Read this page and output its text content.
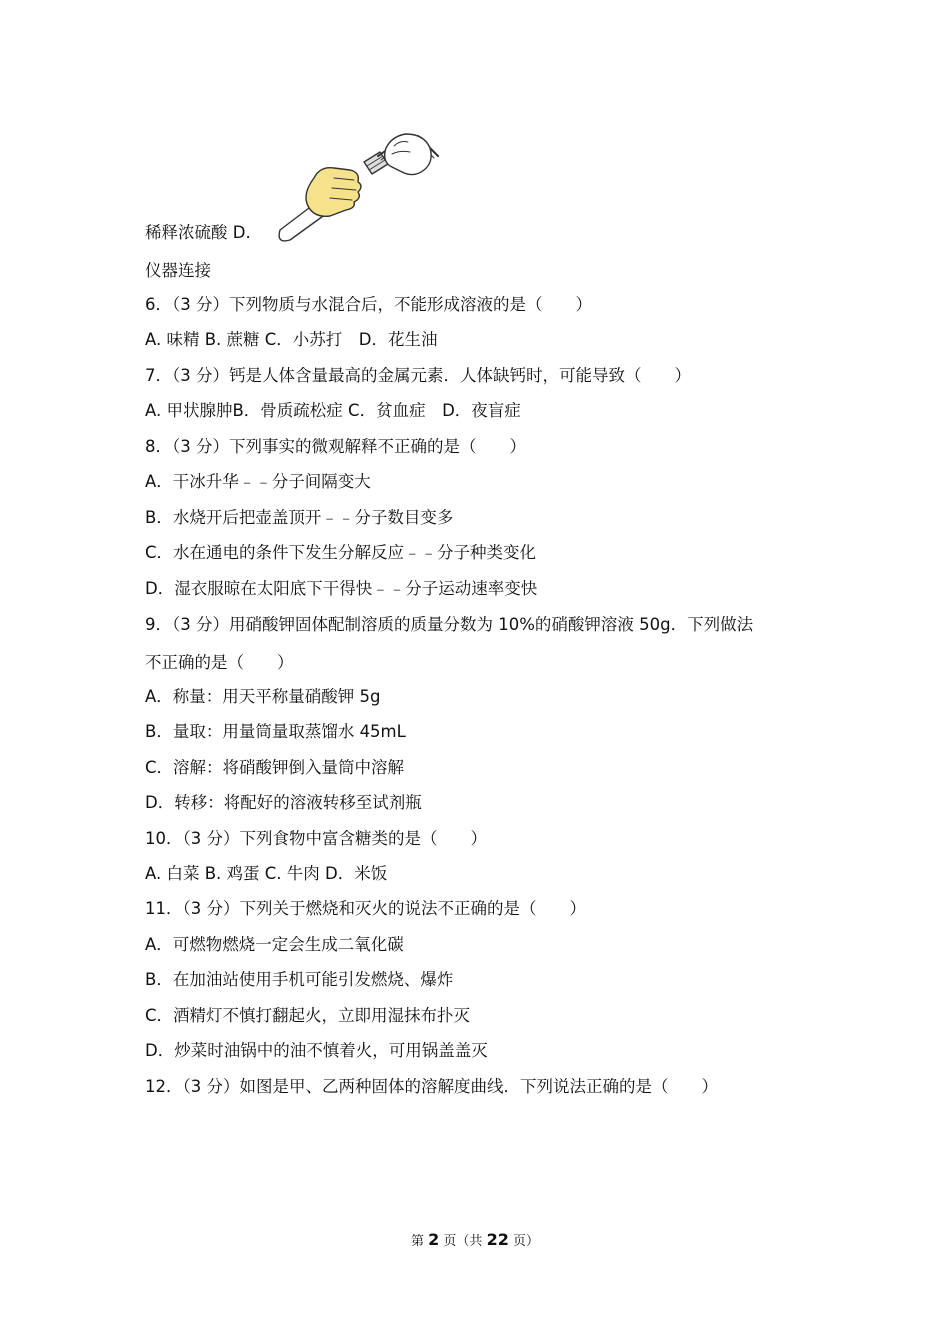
稀释浓硫酸 D.
仪器连接
6．（3 分）下列物质与水混合后，不能形成溶液的是（　　）
A. 味精 B. 蔗糖 C．小苏打　D．花生油
7．（3 分）钙是人体含量最高的金属元素．人体缺钙时，可能导致（　　）
A. 甲状腺肿B．骨质疏松症 C．贫血症　D．夜盲症
8．（3 分）下列事实的微观解释不正确的是（　　）
A．干冰升华﹣﹣分子间隔变大
B．水烧开后把壶盖顶开﹣﹣分子数目变多
C．水在通电的条件下发生分解反应﹣﹣分子种类变化
D．湿衣服晾在太阳底下干得快﹣﹣分子运动速率变快
9．（3 分）用硝酸钾固体配制溶质的质量分数为 10%的硝酸钾溶液 50g．下列做法
不正确的是（　　）
A．称量：用天平称量硝酸钾 5g
B．量取：用量筒量取蒸馏水 45mL
C．溶解：将硝酸钾倒入量筒中溶解
D．转移：将配好的溶液转移至试剂瓶
10．（3 分）下列食物中富含糖类的是（　　）
A. 白菜 B. 鸡蛋 C. 牛肉 D．米饭
11．（3 分）下列关于燃烧和灭火的说法不正确的是（　　）
A．可燃物燃烧一定会生成二氧化碳
B．在加油站使用手机可能引发燃烧、爆炸
C．酒精灯不慎打翻起火，立即用湿抹布扑灭
D．炒菜时油锅中的油不慎着火，可用锅盖盖灭
12．（3 分）如图是甲、乙两种固体的溶解度曲线．下列说法正确的是（　　）
第 2 页（共 22 页）
